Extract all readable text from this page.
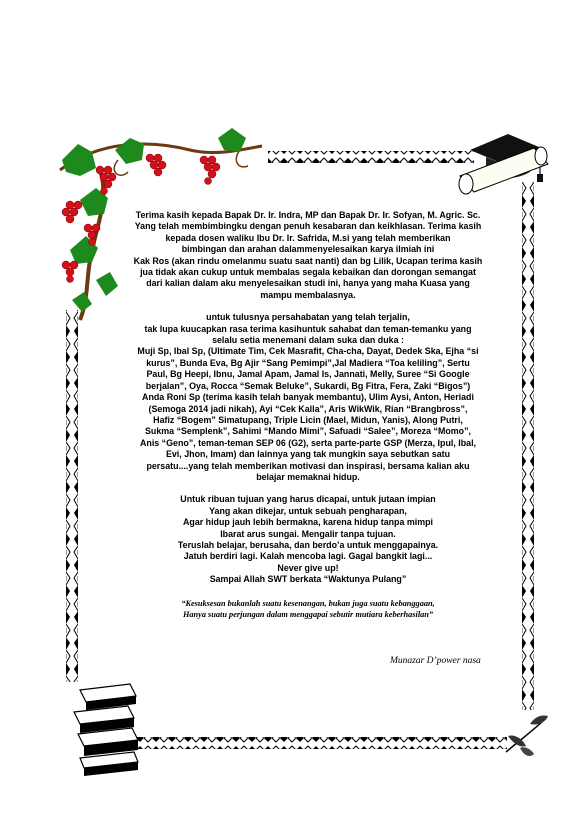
Terima kasih kepada Bapak Dr. Ir. Indra, MP dan Bapak Dr. Ir. Sofyan, M. Agric. Sc.

Yang telah membimbingku dengan penuh kesabaran dan keikhlasan. Terima kasih

kepada dosen waliku Ibu Dr. Ir. Safrida, M.si yang telah memberikan

bimbingan dan arahan dalammenyelesaikan karya ilmiah ini

Kak Ros (akan rindu omelanmu suatu saat nanti) dan bg Lilik, Ucapan terima kasih

jua tidak akan cukup untuk membalas segala kebaikan dan dorongan semangat

dari kalian dalam aku menyelesaikan studi ini, hanya yang maha Kuasa yang

mampu membalasnya.

untuk tulusnya persahabatan yang telah terjalin,

tak lupa kuucapkan rasa terima kasihuntuk sahabat dan teman-temanku yang

selalu setia menemani dalam suka dan duka :

Muji Sp, Ibal Sp, (Ultimate Tim, Cek Masrafit, Cha-cha, Dayat, Dedek Ska, Ejha “si

kurus”, Bunda Eva, Bg Ajir “Sang Pemimpi”,Jal Madiera “Toa keliling”, Sertu

Paul, Bg Heepi, Ibnu, Jamal Apam, Jamal Is, Jannati, Melly, Suree “Si Google

berjalan”, Oya, Rocca “Semak Beluke”, Sukardi, Bg Fitra, Fera, Zaki “Bigos”)

Anda Roni Sp (terima kasih telah banyak membantu), Ulim Aysi, Anton, Heriadi

(Semoga 2014 jadi nikah), Ayi “Cek Kalla”, Aris WikWik, Rian “Brangbross”,

Hafiz “Bogem” Simatupang, Triple Licin (Mael, Midun, Yanis), Along Putri,

Sukma “Semplenk”, Sahimi “Mando Mimi”, Safuadi “Salee”, Moreza “Momo”,

Anis “Geno”, teman-teman SEP 06 (G2), serta parte-parte GSP (Merza, Ipul, Ibal,

Evi, Jhon, Imam) dan lainnya yang tak mungkin saya sebutkan satu

persatu....yang telah memberikan motivasi dan inspirasi, bersama kalian aku

belajar memaknai hidup.

Untuk ribuan tujuan yang harus dicapai, untuk jutaan impian

Yang akan dikejar, untuk sebuah pengharapan,

Agar hidup jauh lebih bermakna, karena hidup tanpa mimpi

Ibarat arus sungai. Mengalir tanpa tujuan.

Teruslah belajar, berusaha, dan berdo’a untuk menggapainya.

Jatuh berdiri lagi. Kalah mencoba lagi. Gagal bangkit lagi...

Never give up!

Sampai Allah SWT berkata “Waktunya Pulang”

“Kesuksesan bukanlah suatu kesenangan, bukan juga suatu kebanggaan,

Hanya suatu perjungan dalam menggapai sebutir mutiara keberhasilan”

Munazar D’power nasa
